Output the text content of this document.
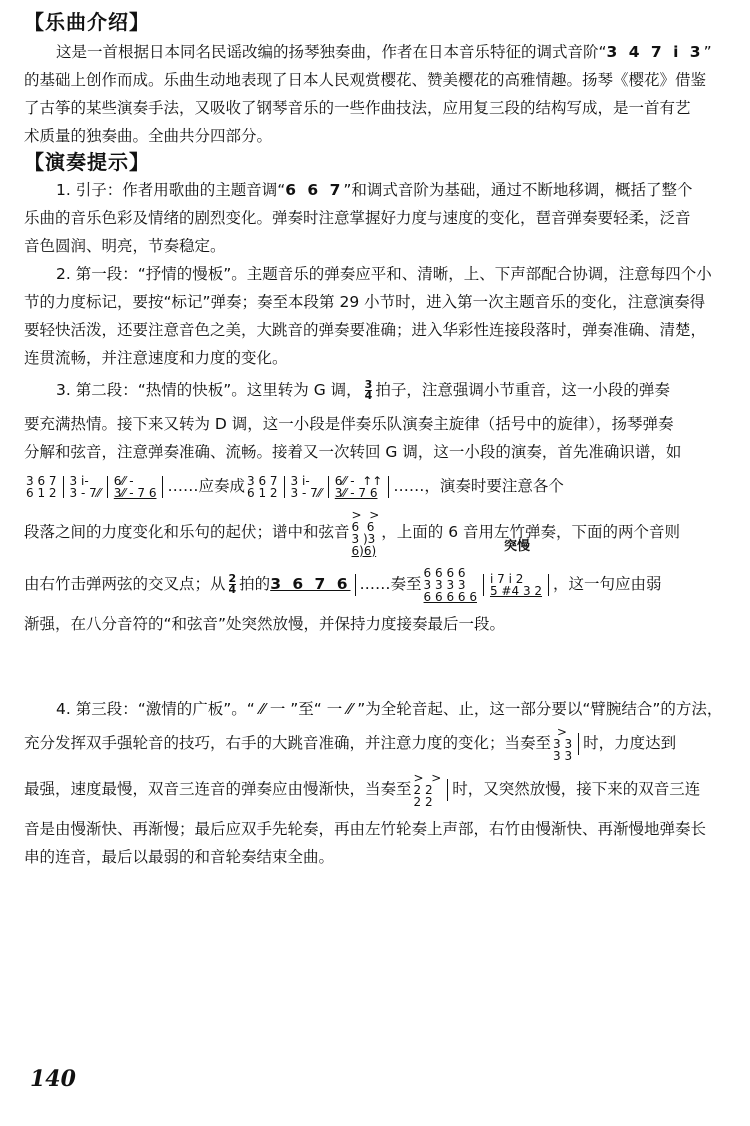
【乐曲介绍】
这是一首根据日本同名民谣改编的扬琴独奏曲，作者在日本音乐特征的调式音阶“3 4 7 i 3”
的基础上创作而成。乐曲生动地表现了日本人民观赏樱花、赞美樱花的高雅情趣。扬琴《樱花》借鉴
了古筝的某些演奏手法，又吸收了钢琴音乐的一些作曲技法，应用复三段的结构写成，是一首有艺
术质量的独奏曲。全曲共分四部分。
【演奏提示】
1. 引子：作者用歌曲的主题音调“6 6 7”和调式音阶为基础，通过不断地移调，概括了整个
乐曲的音乐色彩及情绪的剧烈变化。弹奏时注意掌握好力度与速度的变化，琶音弹奏要轻柔，泛音
音色圆润、明亮，节奏稳定。
2. 第一段：“抒情的慢板”。主题音乐的弹奏应平和、清晰，上、下声部配合协调，注意每四个小
节的力度标记，要按“标记”弹奏；奏至本段第 29 小节时，进入第一次主题音乐的变化，注意演奏得
要轻快活泼，还要注意音色之美，大跳音的弹奏要准确；进入华彩性连接段落时，弹奏准确、清楚，
连贯流畅，并注意速度和力度的变化。
3. 第二段：“热情的快板”。这里转为 G 调， $\frac{3}{4}$ 拍子，注意强调小节重音，这一小段的弹奏
要充满热情。接下来又转为 D 调，这一小段是伴奏乐队演奏主旋律（括号中的旋律），扬琴弹奏
分解和弦音，注意弹奏准确、流畅。接着又一次转回 G 调，这一小段的演奏，首先准确识谱，如
3 6 7
6 1 2
3 i-
3 - 7⁄⁄
6⁄⁄ -
3⁄⁄ - 7 6 ……应奏成 3 6 7
6 1 2
3 i-
3 - 7⁄⁄
6⁄⁄ -  ↑↑
3⁄⁄ - 7 6	……，演奏时要注意各个
段落之间的力度变化和乐句的起伏；谱中和弦音
>  >
6  6
3 )3
6)6)
，上面的 6 音用左竹弹奏，下面的两个音则
突慢
由右竹击弹两弦的交叉点；从 $\frac{2}{4}$ 拍的3 6 7 6 ……奏至
6 6 6 6
3 3 3 3
6 6 6 6 6
i 7 i 2
5 #4 3 2 ，这一句应由弱
渐强，在八分音符的“和弦音”处突然放慢，并保持力度接奏最后一段。
4. 第三段：“激情的广板”。“ ⁄⁄ 一 ”至“ 一 ⁄⁄ ”为全轮音起、止，这一部分要以“臂腕结合”的方法，
充分发挥双手强轮音的技巧，右手的大跳音准确，并注意力度的变化；当奏至
>
3 3
3 3
时，力度达到
最强，速度最慢，双音三连音的弹奏应由慢渐快，当奏至
>  >
2 2
2 2
时，又突然放慢，接下来的双音三连
音是由慢渐快、再渐慢；最后应双手先轮奏，再由左竹轮奏上声部，右竹由慢渐快、再渐慢地弹奏长
串的连音，最后以最弱的和音轮奏结束全曲。
140
